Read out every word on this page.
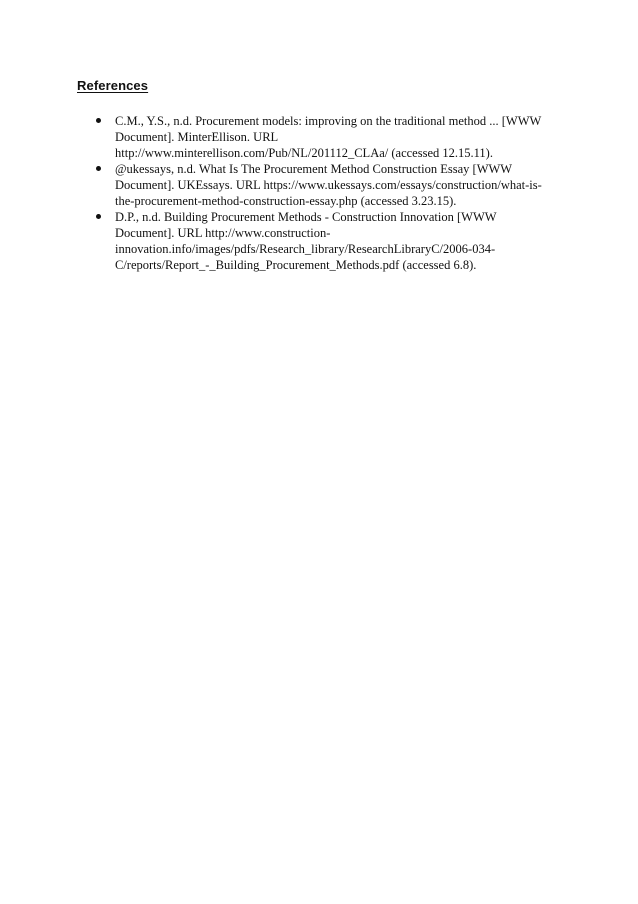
References
C.M., Y.S., n.d. Procurement models: improving on the traditional method ... [WWW Document]. MinterEllison. URL http://www.minterellison.com/Pub/NL/201112_CLAa/ (accessed 12.15.11).
@ukessays, n.d. What Is The Procurement Method Construction Essay [WWW Document]. UKEssays. URL https://www.ukessays.com/essays/construction/what-is-the-procurement-method-construction-essay.php (accessed 3.23.15).
D.P., n.d. Building Procurement Methods - Construction Innovation [WWW Document]. URL http://www.construction-innovation.info/images/pdfs/Research_library/ResearchLibraryC/2006-034-C/reports/Report_-_Building_Procurement_Methods.pdf (accessed 6.8).
